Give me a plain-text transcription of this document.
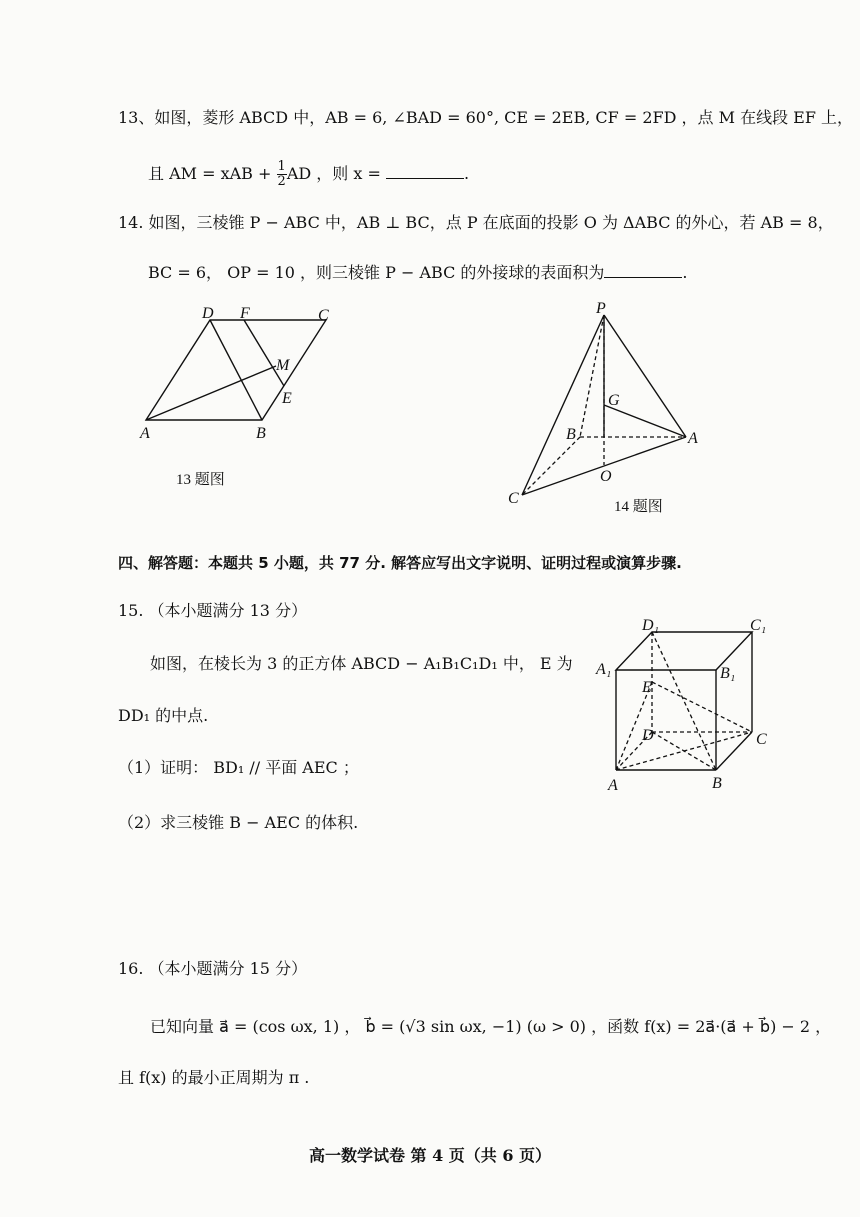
13、如图，菱形 ABCD 中，AB = 6, ∠BAD = 60°, CE = 2EB, CF = 2FD ，点 M 在线段 EF 上，
且 AM = xAB + $\frac{1}{2}$ AD ，则 x =	.
14. 如图，三棱锥 P − ABC 中，AB ⊥ BC，点 P 在底面的投影 O 为 ΔABC 的外心，若 AB = 8，
BC = 6， OP = 10 ，则三棱锥 P − ABC 的外接球的表面积为	.
D F	C
M
E
A	B
13 题图
P
G
B	A
O
C	14 题图
四、解答题：本题共 5 小题，共 77 分. 解答应写出文字说明、证明过程或演算步骤.
15. （本小题满分 13 分）
如图，在棱长为 3 的正方体 ABCD − A₁B₁C₁D₁ 中， E 为
DD₁ 的中点.
（1）证明： BD₁ // 平面 AEC ；
（2）求三棱锥 B − AEC 的体积.
D₁	C₁
A₁	B₁
E
D	C
A	B
16. （本小题满分 15 分）
已知向量 a⃗ = (cos ωx, 1) ， b⃗ = (√3 sin ωx, −1) (ω > 0) ，函数 f(x) = 2a⃗·(a⃗ + b⃗) − 2 ，
且 f(x) 的最小正周期为 π .
高一数学试卷 第 4 页（共 6 页）
